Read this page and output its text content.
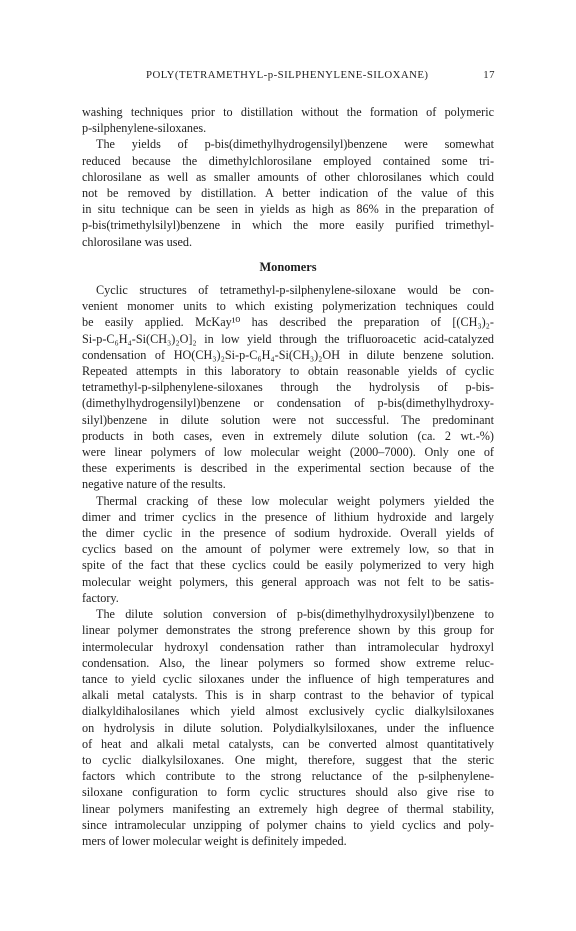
POLY(TETRAMETHYL-p-SILPHENYLENE-SILOXANE)	17
washing techniques prior to distillation without the formation of polymeric
p-silphenylene-siloxanes.
The yields of p-bis(dimethylhydrogensilyl)benzene were somewhat
reduced because the dimethylchlorosilane employed contained some tri-
chlorosilane as well as smaller amounts of other chlorosilanes which could
not be removed by distillation. A better indication of the value of this
in situ technique can be seen in yields as high as 86% in the preparation of
p-bis(trimethylsilyl)benzene in which the more easily purified trimethyl-
chlorosilane was used.
Monomers
Cyclic structures of tetramethyl-p-silphenylene-siloxane would be con-
venient monomer units to which existing polymerization techniques could
be easily applied. McKay¹⁰ has described the preparation of [(CH₃)₂-
Si-p-C₆H₄-Si(CH₃)₂O]₂ in low yield through the trifluoroacetic acid-catalyzed
condensation of HO(CH₃)₂Si-p-C₆H₄-Si(CH₃)₂OH in dilute benzene solution.
Repeated attempts in this laboratory to obtain reasonable yields of cyclic
tetramethyl-p-silphenylene-siloxanes through the hydrolysis of p-bis-
(dimethylhydrogensilyl)benzene or condensation of p-bis(dimethylhydroxy-
silyl)benzene in dilute solution were not successful. The predominant
products in both cases, even in extremely dilute solution (ca. 2 wt.-%)
were linear polymers of low molecular weight (2000–7000). Only one of
these experiments is described in the experimental section because of the
negative nature of the results.
Thermal cracking of these low molecular weight polymers yielded the
dimer and trimer cyclics in the presence of lithium hydroxide and largely
the dimer cyclic in the presence of sodium hydroxide. Overall yields of
cyclics based on the amount of polymer were extremely low, so that in
spite of the fact that these cyclics could be easily polymerized to very high
molecular weight polymers, this general approach was not felt to be satis-
factory.
The dilute solution conversion of p-bis(dimethylhydroxysilyl)benzene to
linear polymer demonstrates the strong preference shown by this group for
intermolecular hydroxyl condensation rather than intramolecular hydroxyl
condensation. Also, the linear polymers so formed show extreme reluc-
tance to yield cyclic siloxanes under the influence of high temperatures and
alkali metal catalysts. This is in sharp contrast to the behavior of typical
dialkyldihalosilanes which yield almost exclusively cyclic dialkylsiloxanes
on hydrolysis in dilute solution. Polydialkylsiloxanes, under the influence
of heat and alkali metal catalysts, can be converted almost quantitatively
to cyclic dialkylsiloxanes. One might, therefore, suggest that the steric
factors which contribute to the strong reluctance of the p-silphenylene-
siloxane configuration to form cyclic structures should also give rise to
linear polymers manifesting an extremely high degree of thermal stability,
since intramolecular unzipping of polymer chains to yield cyclics and poly-
mers of lower molecular weight is definitely impeded.
